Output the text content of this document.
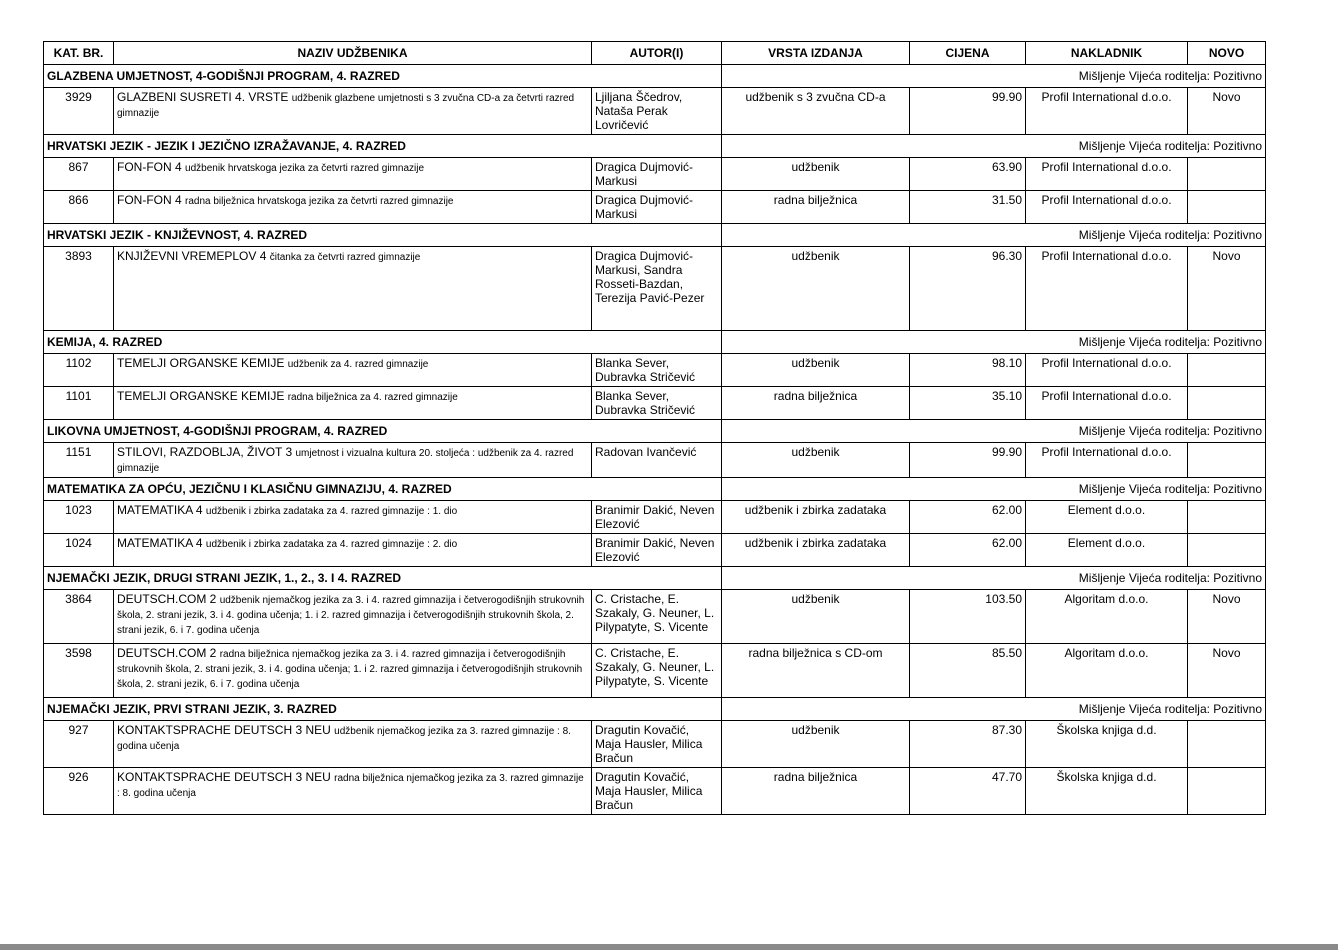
KAT. BR.	NAZIV UDŽBENIKA	AUTOR(I)	VRSTA IZDANJA	CIJENA	NAKLADNIK	NOVO
GLAZBENA UMJETNOST, 4-GODIŠNJI PROGRAM, 4. RAZRED			Mišljenje Vijeća roditelja: Pozitivno			
3929	GLAZBENI SUSRETI 4. VRSTE udžbenik glazbene umjetnosti s 3 zvučna CD-a za četvrti razred gimnazije	Ljiljana Ščedrov, Nataša Perak Lovričević	udžbenik s 3 zvučna CD-a	99.90	Profil International d.o.o.	Novo
HRVATSKI JEZIK - JEZIK I JEZIČNO IZRAŽAVANJE, 4. RAZRED			Mišljenje Vijeća roditelja: Pozitivno			
867	FON-FON 4 udžbenik hrvatskoga jezika za četvrti razred gimnazije	Dragica Dujmović-Markusi	udžbenik	63.90	Profil International d.o.o.	
866	FON-FON 4 radna bilježnica hrvatskoga jezika za četvrti razred gimnazije	Dragica Dujmović-Markusi	radna bilježnica	31.50	Profil International d.o.o.	
HRVATSKI JEZIK - KNJIŽEVNOST, 4. RAZRED			Mišljenje Vijeća roditelja: Pozitivno			
3893	KNJIŽEVNI VREMEPLOV 4 čitanka za četvrti razred gimnazije	Dragica Dujmović-Markusi, Sandra Rosseti-Bazdan, Terezija Pavić-Pezer	udžbenik	96.30	Profil International d.o.o.	Novo
KEMIJA, 4. RAZRED			Mišljenje Vijeća roditelja: Pozitivno			
1102	TEMELJI ORGANSKE KEMIJE udžbenik za 4. razred gimnazije	Blanka Sever, Dubravka Stričević	udžbenik	98.10	Profil International d.o.o.	
1101	TEMELJI ORGANSKE KEMIJE radna bilježnica za 4. razred gimnazije	Blanka Sever, Dubravka Stričević	radna bilježnica	35.10	Profil International d.o.o.	
LIKOVNA UMJETNOST, 4-GODIŠNJI PROGRAM, 4. RAZRED			Mišljenje Vijeća roditelja: Pozitivno			
1151	STILOVI, RAZDOBLJA, ŽIVOT 3 umjetnost i vizualna kultura 20. stoljeća : udžbenik za 4. razred gimnazije	Radovan Ivančević	udžbenik	99.90	Profil International d.o.o.	
MATEMATIKA ZA OPĆU, JEZIČNU I KLASIČNU GIMNAZIJU, 4. RAZRED			Mišljenje Vijeća roditelja: Pozitivno			
1023	MATEMATIKA 4 udžbenik i zbirka zadataka za 4. razred gimnazije : 1. dio	Branimir Dakić, Neven Elezović	udžbenik i zbirka zadataka	62.00	Element d.o.o.	
1024	MATEMATIKA 4 udžbenik i zbirka zadataka za 4. razred gimnazije : 2. dio	Branimir Dakić, Neven Elezović	udžbenik i zbirka zadataka	62.00	Element d.o.o.	
NJEMAČKI JEZIK, DRUGI STRANI JEZIK, 1., 2., 3. I 4. RAZRED			Mišljenje Vijeća roditelja: Pozitivno			
3864	DEUTSCH.COM 2 udžbenik njemačkog jezika za 3. i 4. razred gimnazija i četverogodišnjih strukovnih škola, 2. strani jezik, 3. i 4. godina učenja; 1. i 2. razred gimnazija i četverogodišnjih strukovnih škola, 2. strani jezik, 6. i 7. godina učenja	C. Cristache, E. Szakaly, G. Neuner, L. Pilypatyte, S. Vicente	udžbenik	103.50	Algoritam d.o.o.	Novo
3598	DEUTSCH.COM 2 radna bilježnica njemačkog jezika za 3. i 4. razred gimnazija i četverogodišnjih strukovnih škola, 2. strani jezik, 3. i 4. godina učenja; 1. i 2. razred gimnazija i četverogodišnjih strukovnih škola, 2. strani jezik, 6. i 7. godina učenja	C. Cristache, E. Szakaly, G. Neuner, L. Pilypatyte, S. Vicente	radna bilježnica s CD-om	85.50	Algoritam d.o.o.	Novo
NJEMAČKI JEZIK, PRVI STRANI JEZIK, 3. RAZRED			Mišljenje Vijeća roditelja: Pozitivno			
927	KONTAKTSPRACHE DEUTSCH 3 NEU udžbenik njemačkog jezika za 3. razred gimnazije : 8. godina učenja	Dragutin Kovačić, Maja Hausler, Milica Bračun	udžbenik	87.30	Školska knjiga d.d.	
926	KONTAKTSPRACHE DEUTSCH 3 NEU radna bilježnica njemačkog jezika za 3. razred gimnazije : 8. godina učenja	Dragutin Kovačić, Maja Hausler, Milica Bračun	radna bilježnica	47.70	Školska knjiga d.d.	
